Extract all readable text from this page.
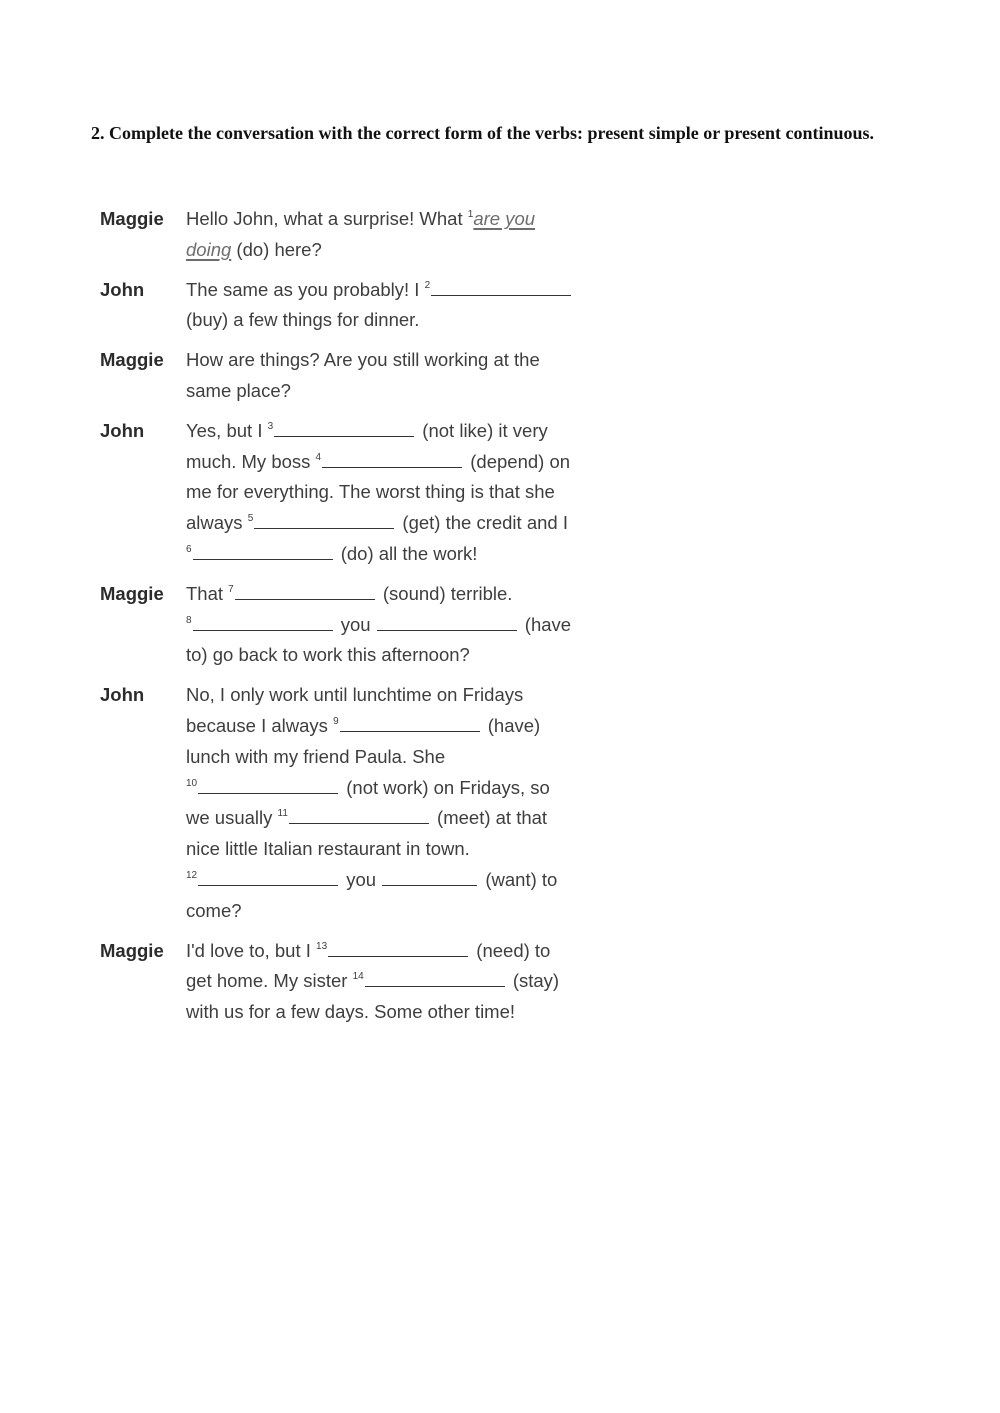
2. Complete the conversation with the correct form of the verbs: present simple or present continuous.

Maggie	Hello John, what a surprise! What $^1$are you
doing (do) here?
John	The same as you probably! I $^2$
(buy) a few things for dinner.
Maggie	How are things? Are you still working at the
same place?
John	Yes, but I $^3$	(not like) it very
much. My boss $^4$	(depend) on
me for everything. The worst thing is that she
always $^5$	(get) the credit and I
$^6$	(do) all the work!
Maggie	That $^7$	(sound) terrible.
$^8$	you	(have
to) go back to work this afternoon?
John	No, I only work until lunchtime on Fridays
because I always $^9$	(have)
lunch with my friend Paula. She
$^{10}$	(not work) on Fridays, so
we usually $^{11}$	(meet) at that
nice little Italian restaurant in town.
$^{12}$	you	(want) to
come?
Maggie	I'd love to, but I $^{13}$	(need) to
get home. My sister $^{14}$	(stay)
with us for a few days. Some other time!
